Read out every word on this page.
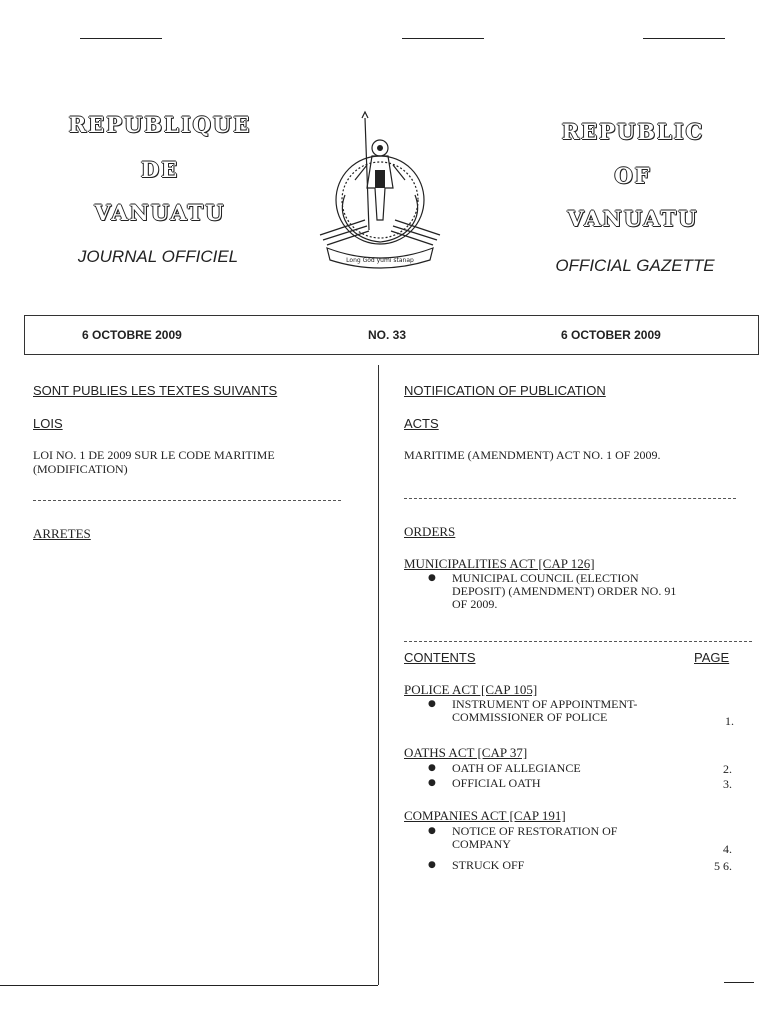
REPUBLIQUE
DE
VANUATU
JOURNAL OFFICIEL	Long God yumi stanap
REPUBLIC
OF
VANUATU
OFFICIAL GAZETTE
6 OCTOBRE 2009	NO. 33	6 OCTOBER 2009
SONT PUBLIES LES TEXTES SUIVANTS
LOIS
LOI NO. 1 DE 2009 SUR LE CODE MARITIME (MODIFICATION)
ARRETES
NOTIFICATION OF PUBLICATION
ACTS
MARITIME (AMENDMENT) ACT NO. 1 OF 2009.
ORDERS
MUNICIPALITIES ACT [CAP 126]
● MUNICIPAL COUNCIL (ELECTION DEPOSIT) (AMENDMENT) ORDER NO. 91 OF 2009.
CONTENTS	PAGE
POLICE ACT [CAP 105]
● INSTRUMENT OF APPOINTMENT-COMMISSIONER OF POLICE	1.
OATHS ACT [CAP 37]
● OATH OF ALLEGIANCE	2.
● OFFICIAL OATH	3.
COMPANIES ACT [CAP 191]
● NOTICE OF RESTORATION OF COMPANY	4.
● STRUCK OFF	5 6.
